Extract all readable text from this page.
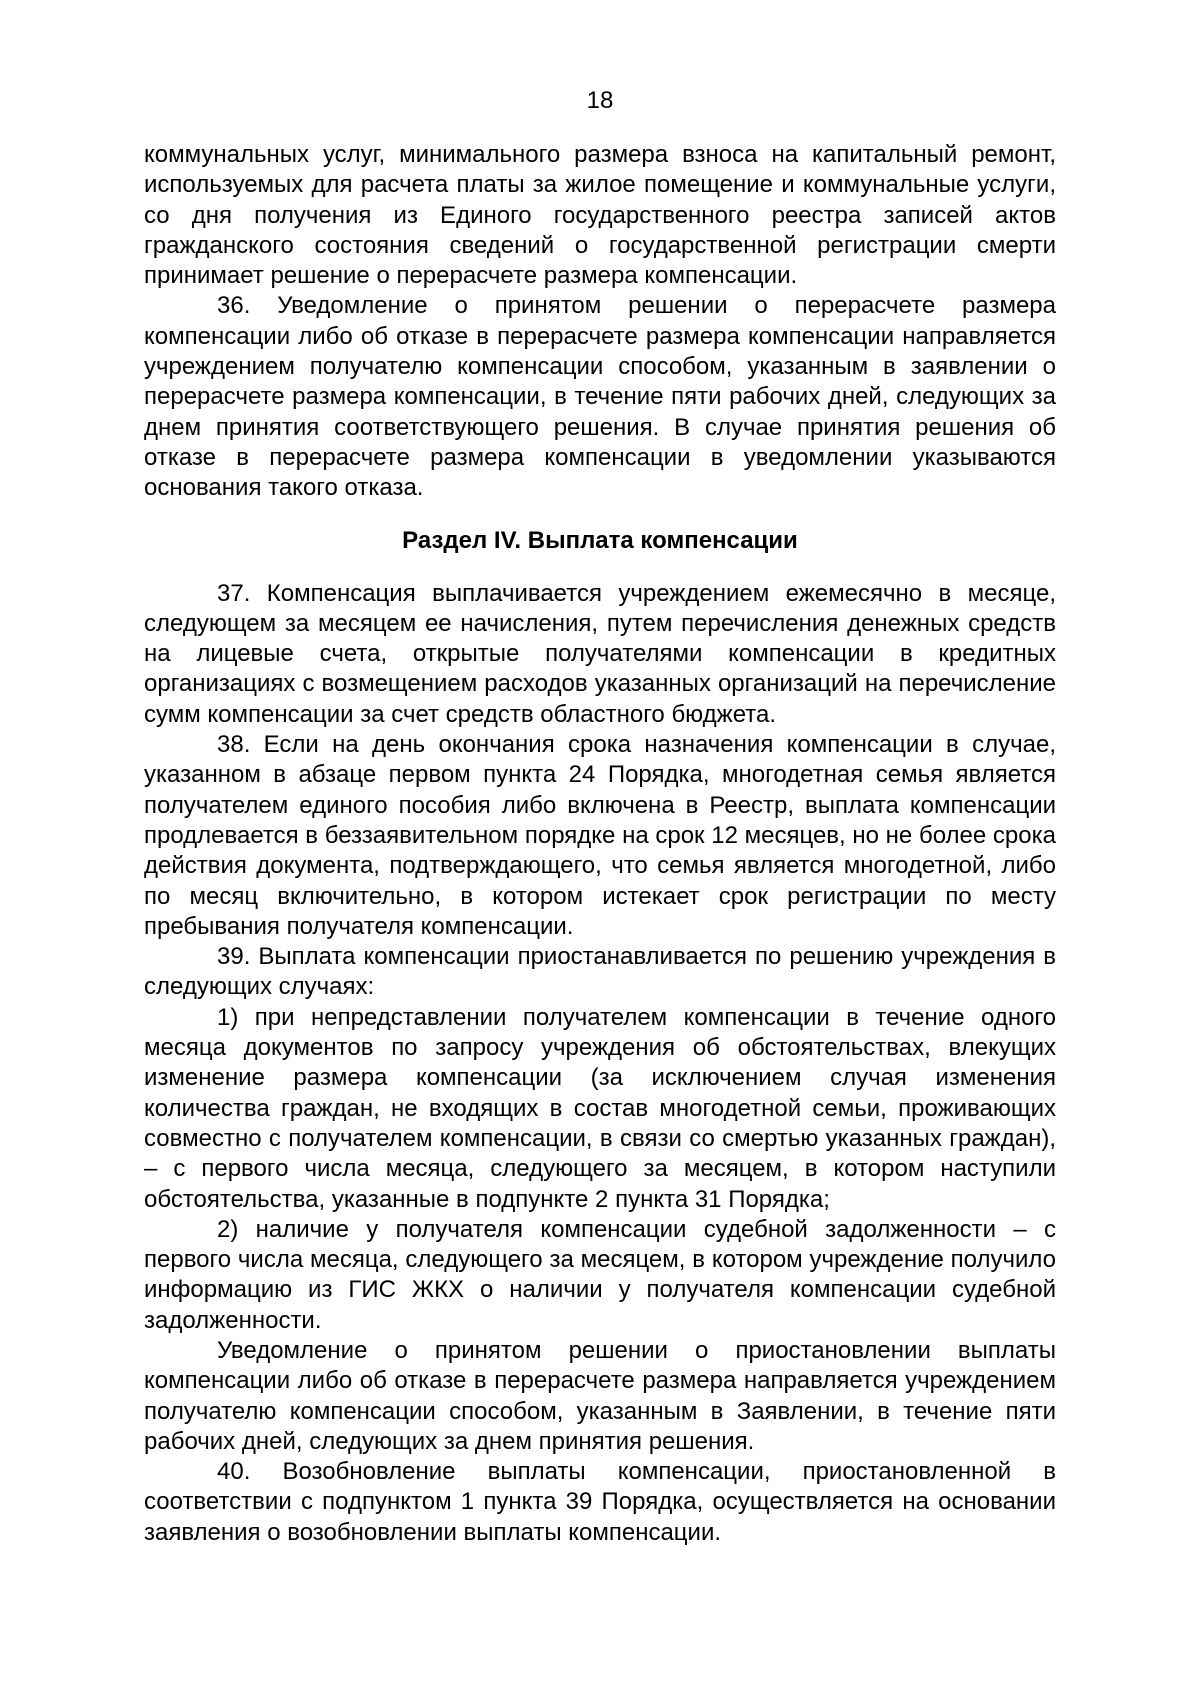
18

коммунальных услуг, минимального размера взноса на капитальный ремонт, используемых для расчета платы за жилое помещение и коммунальные услуги, со дня получения из Единого государственного реестра записей актов гражданского состояния сведений о государственной регистрации смерти принимает решение о перерасчете размера компенсации.

36. Уведомление о принятом решении о перерасчете размера компенсации либо об отказе в перерасчете размера компенсации направляется учреждением получателю компенсации способом, указанным в заявлении о перерасчете размера компенсации, в течение пяти рабочих дней, следующих за днем принятия соответствующего решения. В случае принятия решения об отказе в перерасчете размера компенсации в уведомлении указываются основания такого отказа.

Раздел IV. Выплата компенсации

37. Компенсация выплачивается учреждением ежемесячно в месяце, следующем за месяцем ее начисления, путем перечисления денежных средств на лицевые счета, открытые получателями компенсации в кредитных организациях с возмещением расходов указанных организаций на перечисление сумм компенсации за счет средств областного бюджета.

38. Если на день окончания срока назначения компенсации в случае, указанном в абзаце первом пункта 24 Порядка, многодетная семья является получателем единого пособия либо включена в Реестр, выплата компенсации продлевается в беззаявительном порядке на срок 12 месяцев, но не более срока действия документа, подтверждающего, что семья является многодетной, либо по месяц включительно, в котором истекает срок регистрации по месту пребывания получателя компенсации.

39. Выплата компенсации приостанавливается по решению учреждения в следующих случаях:

1) при непредставлении получателем компенсации в течение одного месяца документов по запросу учреждения об обстоятельствах, влекущих изменение размера компенсации (за исключением случая изменения количества граждан, не входящих в состав многодетной семьи, проживающих совместно с получателем компенсации, в связи со смертью указанных граждан), – с первого числа месяца, следующего за месяцем, в котором наступили обстоятельства, указанные в подпункте 2 пункта 31 Порядка;

2) наличие у получателя компенсации судебной задолженности – с первого числа месяца, следующего за месяцем, в котором учреждение получило информацию из ГИС ЖКХ о наличии у получателя компенсации судебной задолженности.

Уведомление о принятом решении о приостановлении выплаты компенсации либо об отказе в перерасчете размера направляется учреждением получателю компенсации способом, указанным в Заявлении, в течение пяти рабочих дней, следующих за днем принятия решения.

40. Возобновление выплаты компенсации, приостановленной в соответствии с подпунктом 1 пункта 39 Порядка, осуществляется на основании заявления о возобновлении выплаты компенсации.
